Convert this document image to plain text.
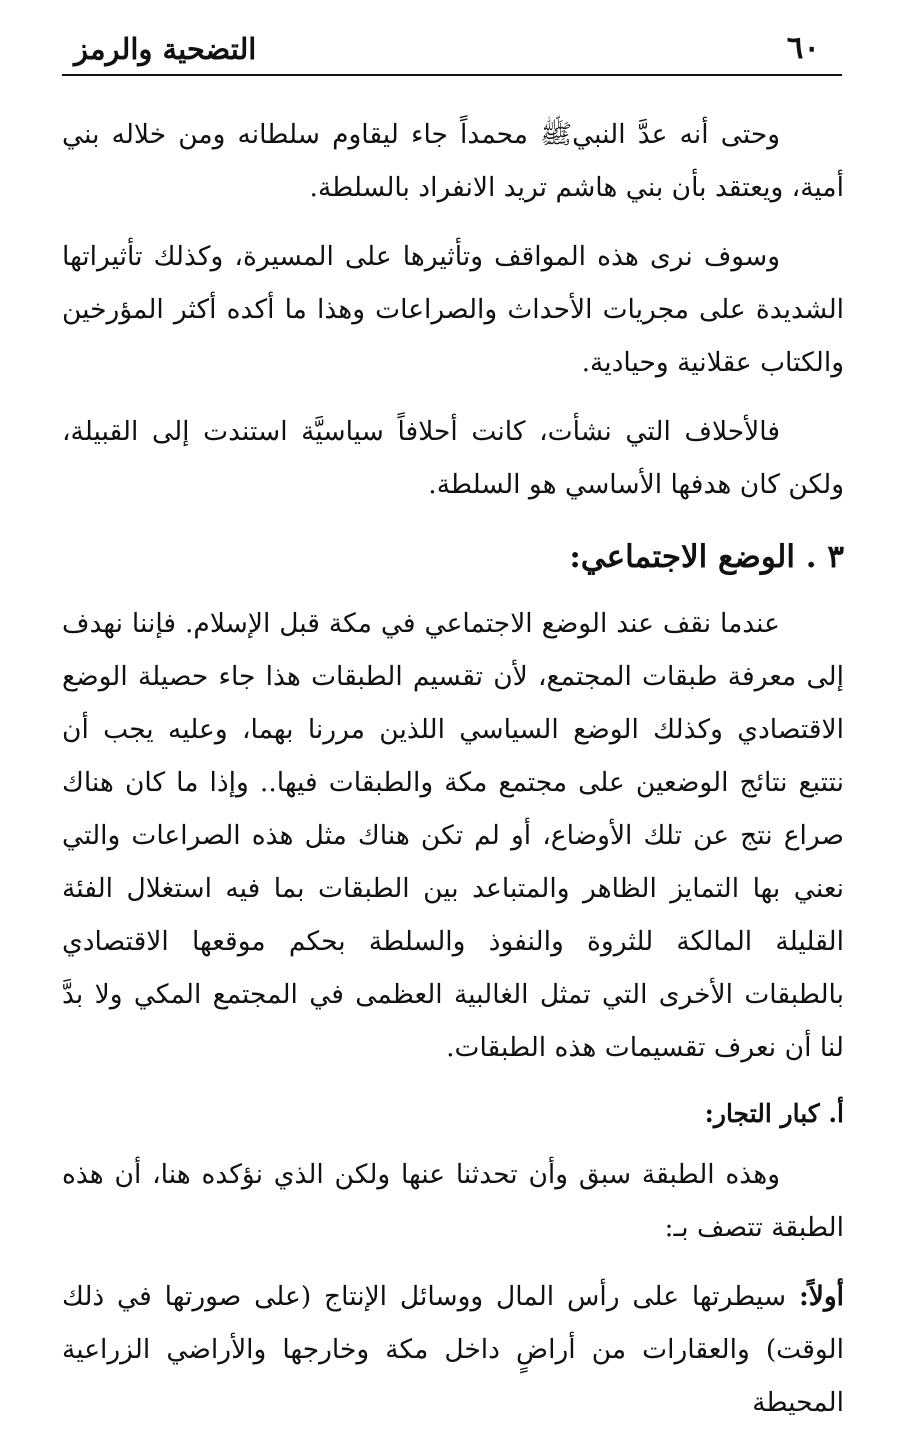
٦٠
التضحية والرمز

وحتى أنه عدَّ النبيﷺ محمداً جاء ليقاوم سلطانه ومن خلاله بني أمية، ويعتقد بأن بني هاشم تريد الانفراد بالسلطة.

وسوف نرى هذه المواقف وتأثيرها على المسيرة، وكذلك تأثيراتها الشديدة على مجريات الأحداث والصراعات وهذا ما أكده أكثر المؤرخين والكتاب عقلانية وحيادية.

فالأحلاف التي نشأت، كانت أحلافاً سياسيَّة استندت إلى القبيلة، ولكن كان هدفها الأساسي هو السلطة.

٣ . الوضع الاجتماعي:

عندما نقف عند الوضع الاجتماعي في مكة قبل الإسلام. فإننا نهدف إلى معرفة طبقات المجتمع، لأن تقسيم الطبقات هذا جاء حصيلة الوضع الاقتصادي وكذلك الوضع السياسي اللذين مررنا بهما، وعليه يجب أن نتتبع نتائج الوضعين على مجتمع مكة والطبقات فيها.. وإذا ما كان هناك صراع نتج عن تلك الأوضاع، أو لم تكن هناك مثل هذه الصراعات والتي نعني بها التمايز الظاهر والمتباعد بين الطبقات بما فيه استغلال الفئة القليلة المالكة للثروة والنفوذ والسلطة بحكم موقعها الاقتصادي بالطبقات الأخرى التي تمثل الغالبية العظمى في المجتمع المكي ولا بدَّ لنا أن نعرف تقسيمات هذه الطبقات.

أ. كبار التجار:

وهذه الطبقة سبق وأن تحدثنا عنها ولكن الذي نؤكده هنا، أن هذه الطبقة تتصف بـ:

أولاً: سيطرتها على رأس المال ووسائل الإنتاج (على صورتها في ذلك الوقت) والعقارات من أراضٍ داخل مكة وخارجها والأراضي الزراعية المحيطة
